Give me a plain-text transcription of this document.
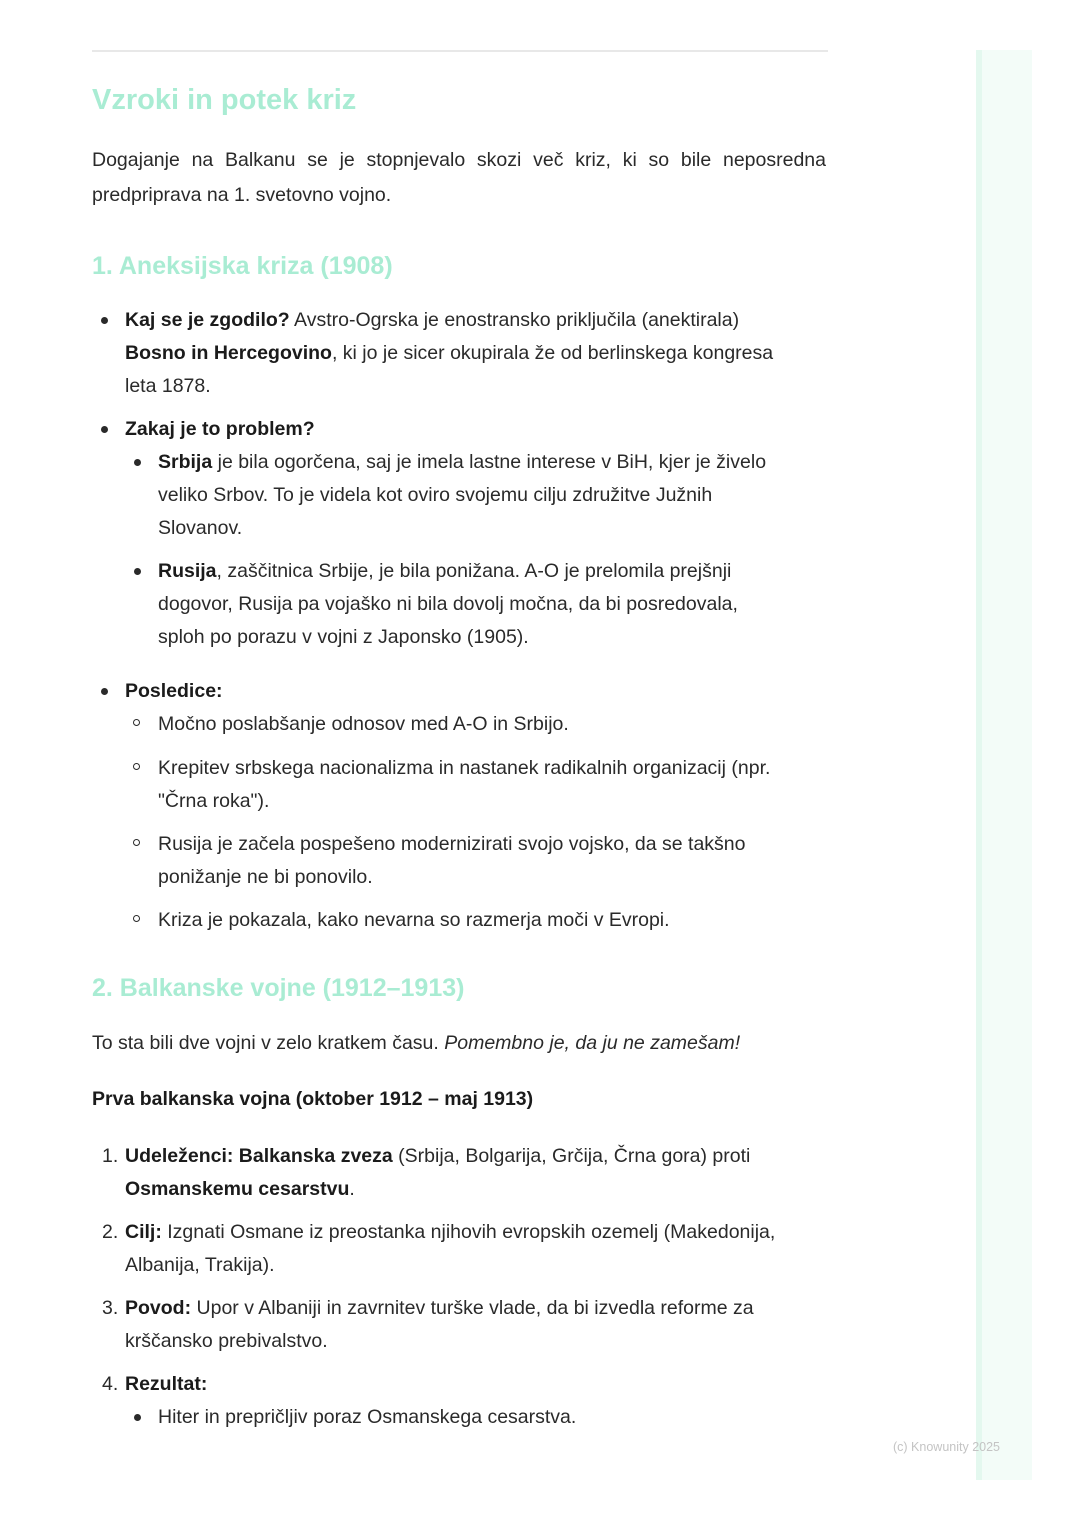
Vzroki in potek kriz

Dogajanje na Balkanu se je stopnjevalo skozi več kriz, ki so bile neposredna predpriprava na 1. svetovno vojno.

1. Aneksijska kriza (1908)
Kaj se je zgodilo? Avstro-Ogrska je enostransko priključila (anektirala)
Bosno in Hercegovino, ki jo je sicer okupirala že od berlinskega kongresa
leta 1878.
Zakaj je to problem?
Srbija je bila ogorčena, saj je imela lastne interese v BiH, kjer je živelo
veliko Srbov. To je videla kot oviro svojemu cilju združitve Južnih
Slovanov.
Rusija, zaščitnica Srbije, je bila ponižana. A-O je prelomila prejšnji
dogovor, Rusija pa vojaško ni bila dovolj močna, da bi posredovala,
sploh po porazu v vojni z Japonsko (1905).
Posledice:
Močno poslabšanje odnosov med A-O in Srbijo.
Krepitev srbskega nacionalizma in nastanek radikalnih organizacij (npr.
"Črna roka").
Rusija je začela pospešeno modernizirati svojo vojsko, da se takšno
ponižanje ne bi ponovilo.
Kriza je pokazala, kako nevarna so razmerja moči v Evropi.
2. Balkanske vojne (1912–1913)
To sta bili dve vojni v zelo kratkem času. Pomembno je, da ju ne zamešam!
Prva balkanska vojna (oktober 1912 – maj 1913)
1. Udeleženci: Balkanska zveza (Srbija, Bolgarija, Grčija, Črna gora) proti
Osmanskemu cesarstvu.
2. Cilj: Izgnati Osmane iz preostanka njihovih evropskih ozemelj (Makedonija,
Albanija, Trakija).
3. Povod: Upor v Albaniji in zavrnitev turške vlade, da bi izvedla reforme za
krščansko prebivalstvo.
4. Rezultat:
Hiter in prepričljiv poraz Osmanskega cesarstva.
(c) Knowunity 2025
